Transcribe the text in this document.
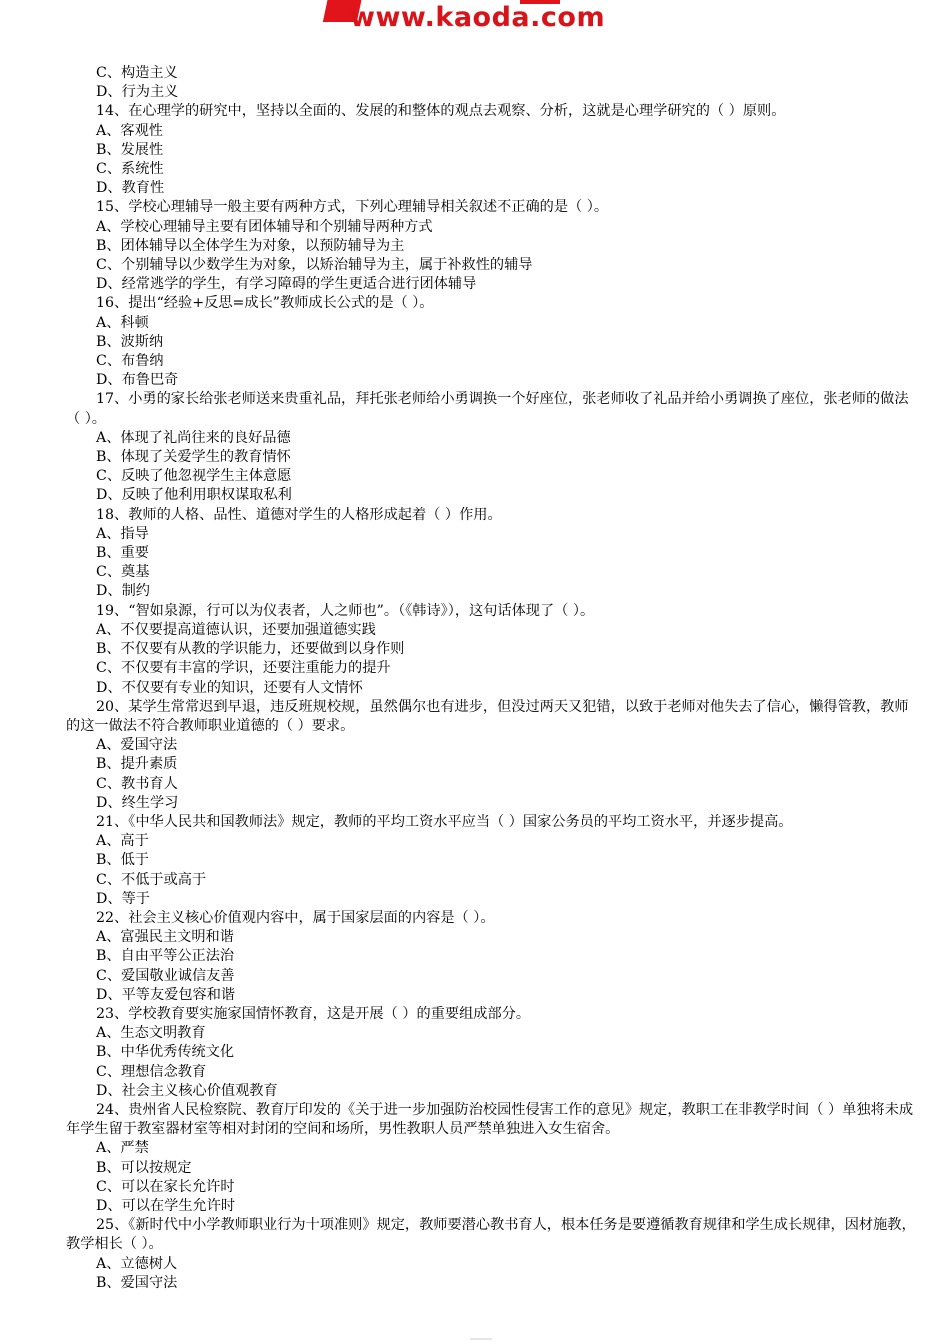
www.kaoda.com
C、构造主义
D、行为主义
14、在心理学的研究中，坚持以全面的、发展的和整体的观点去观察、分析，这就是心理学研究的（ ）原则。
A、客观性
B、发展性
C、系统性
D、教育性
15、学校心理辅导一般主要有两种方式，下列心理辅导相关叙述不正确的是（ ）。
A、学校心理辅导主要有团体辅导和个别辅导两种方式
B、团体辅导以全体学生为对象，以预防辅导为主
C、个别辅导以少数学生为对象，以矫治辅导为主，属于补救性的辅导
D、经常逃学的学生，有学习障碍的学生更适合进行团体辅导
16、提出“经验+反思=成长”教师成长公式的是（ ）。
A、科顿
B、波斯纳
C、布鲁纳
D、布鲁巴奇
17、小勇的家长给张老师送来贵重礼品，拜托张老师给小勇调换一个好座位，张老师收了礼品并给小勇调换了座位，张老师的做法（ ）。
A、体现了礼尚往来的良好品德
B、体现了关爱学生的教育情怀
C、反映了他忽视学生主体意愿
D、反映了他利用职权谋取私利
18、教师的人格、品性、道德对学生的人格形成起着（ ）作用。
A、指导
B、重要
C、奠基
D、制约
19、“智如泉源，行可以为仪表者，人之师也”。（《韩诗》），这句话体现了（ ）。
A、不仅要提高道德认识，还要加强道德实践
B、不仅要有从教的学识能力，还要做到以身作则
C、不仅要有丰富的学识，还要注重能力的提升
D、不仅要有专业的知识，还要有人文情怀
20、某学生常常迟到早退，违反班规校规，虽然偶尔也有进步，但没过两天又犯错，以致于老师对他失去了信心，懒得管教，教师的这一做法不符合教师职业道德的（ ）要求。
A、爱国守法
B、提升素质
C、教书育人
D、终生学习
21、《中华人民共和国教师法》规定，教师的平均工资水平应当（ ）国家公务员的平均工资水平，并逐步提高。
A、高于
B、低于
C、不低于或高于
D、等于
22、社会主义核心价值观内容中，属于国家层面的内容是（ ）。
A、富强民主文明和谐
B、自由平等公正法治
C、爱国敬业诚信友善
D、平等友爱包容和谐
23、学校教育要实施家国情怀教育，这是开展（ ）的重要组成部分。
A、生态文明教育
B、中华优秀传统文化
C、理想信念教育
D、社会主义核心价值观教育
24、贵州省人民检察院、教育厅印发的《关于进一步加强防治校园性侵害工作的意见》规定，教职工在非教学时间（ ）单独将未成年学生留于教室器材室等相对封闭的空间和场所，男性教职人员严禁单独进入女生宿舍。
A、严禁
B、可以按规定
C、可以在家长允许时
D、可以在学生允许时
25、《新时代中小学教师职业行为十项准则》规定，教师要潜心教书育人，根本任务是要遵循教育规律和学生成长规律，因材施教，教学相长（ ）。
A、立德树人
B、爱国守法
